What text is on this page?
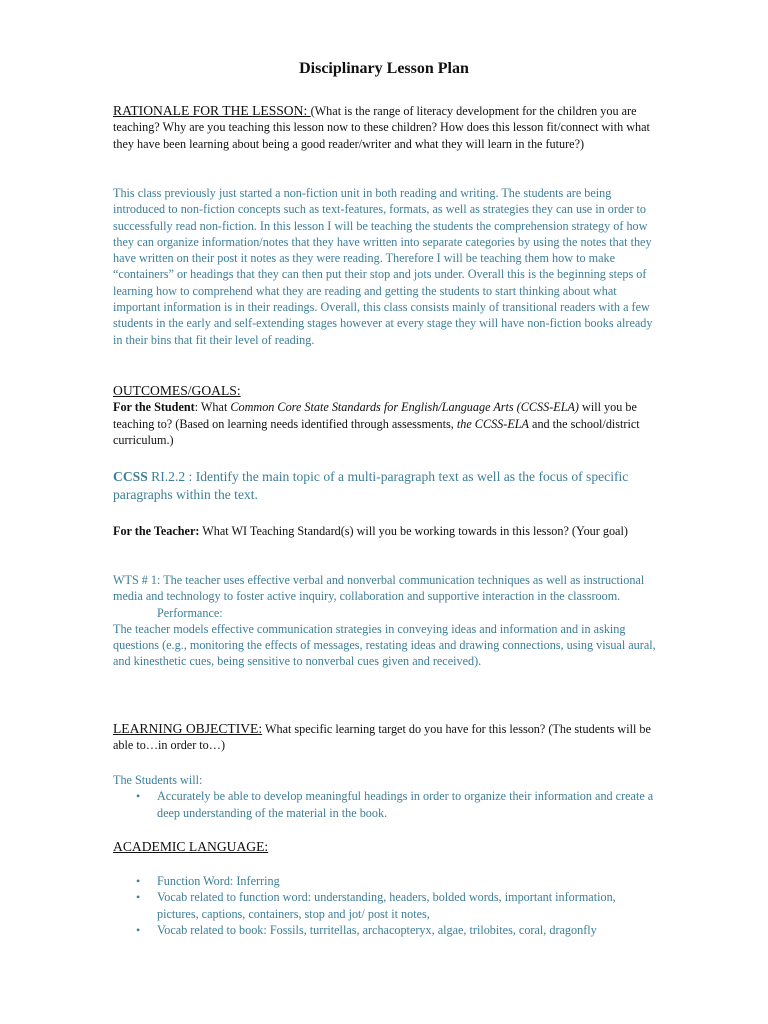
Disciplinary Lesson Plan
RATIONALE FOR THE LESSON: (What is the range of literacy development for the children you are teaching? Why are you teaching this lesson now to these children? How does this lesson fit/connect with what they have been learning about being a good reader/writer and what they will learn in the future?)
This class previously just started a non-fiction unit in both reading and writing. The students are being introduced to non-fiction concepts such as text-features, formats, as well as strategies they can use in order to successfully read non-fiction. In this lesson I will be teaching the students the comprehension strategy of how they can organize information/notes that they have written into separate categories by using the notes that they have written on their post it notes as they were reading. Therefore I will be teaching them how to make “containers” or headings that they can then put their stop and jots under. Overall this is the beginning steps of learning how to comprehend what they are reading and getting the students to start thinking about what important information is in their readings. Overall, this class consists mainly of transitional readers with a few students in the early and self-extending stages however at every stage they will have non-fiction books already in their bins that fit their level of reading.
OUTCOMES/GOALS:
For the Student: What Common Core State Standards for English/Language Arts (CCSS-ELA) will you be teaching to? (Based on learning needs identified through assessments, the CCSS-ELA and the school/district curriculum.)
CCSS RI.2.2 : Identify the main topic of a multi-paragraph text as well as the focus of specific paragraphs within the text.
For the Teacher: What WI Teaching Standard(s) will you be working towards in this lesson? (Your goal)
WTS # 1: The teacher uses effective verbal and nonverbal communication techniques as well as instructional media and technology to foster active inquiry, collaboration and supportive interaction in the classroom.
Performance:
The teacher models effective communication strategies in conveying ideas and information and in asking questions (e.g., monitoring the effects of messages, restating ideas and drawing connections, using visual aural, and kinesthetic cues, being sensitive to nonverbal cues given and received).
LEARNING OBJECTIVE: What specific learning target do you have for this lesson? (The students will be able to…in order to…)
The Students will:
• Accurately be able to develop meaningful headings in order to organize their information and create a deep understanding of the material in the book.
ACADEMIC LANGUAGE:
• Function Word: Inferring
• Vocab related to function word: understanding, headers, bolded words, important information, pictures, captions, containers, stop and jot/ post it notes,
• Vocab related to book: Fossils, turritellas, archacopteryx, algae, trilobites, coral, dragonfly
